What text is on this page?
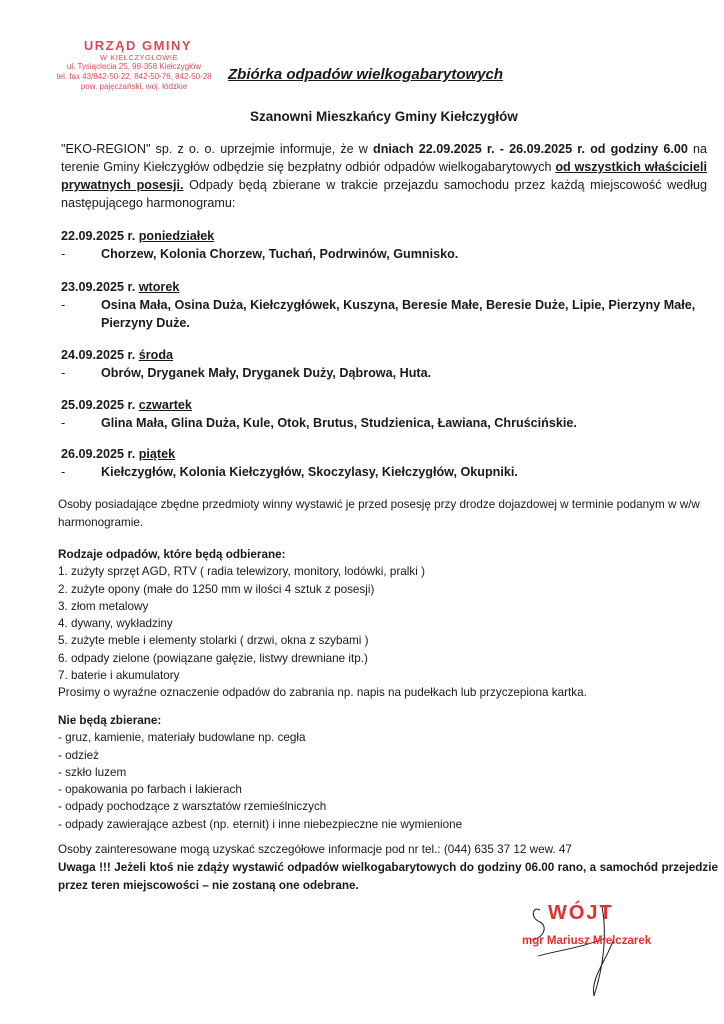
URZĄD GMINY
W KIEŁCZYGŁOWIE
ul. Tysiąclecia 25, 98-358 Kiełczygłów
tel. fax 43/842-50-22, 842-50-76, 842-50-28
pow. pajęczański, woj. łódzkie
Zbiórka odpadów wielkogabarytowych
Szanowni Mieszkańcy Gminy Kiełczygłów
"EKO-REGION" sp. z o. o. uprzejmie informuje, że w dniach 22.09.2025 r. - 26.09.2025 r. od godziny 6.00 na terenie Gminy Kiełczygłów odbędzie się bezpłatny odbiór odpadów wielkogabarytowych od wszystkich właścicieli prywatnych posesji. Odpady będą zbierane w trakcie przejazdu samochodu przez każdą miejscowość według następującego harmonogramu:
22.09.2025 r. poniedziałek
-	Chorzew, Kolonia Chorzew, Tuchań, Podrwinów, Gumnisko.
23.09.2025 r. wtorek
-	Osina Mała, Osina Duża, Kiełczygłówek, Kuszyna, Beresie Małe, Beresie Duże, Lipie, Pierzyny Małe, Pierzyny Duże.
24.09.2025 r. środa
-	Obrów, Dryganek Mały, Dryganek Duży, Dąbrowa, Huta.
25.09.2025 r. czwartek
-	Glina Mała, Glina Duża, Kule, Otok, Brutus, Studzienica, Ławiana, Chruścińskie.
26.09.2025 r. piątek
-	Kiełczygłów, Kolonia Kiełczygłów, Skoczylasy, Kiełczygłów, Okupniki.
Osoby posiadające zbędne przedmioty winny wystawić je przed posesję przy drodze dojazdowej w terminie podanym w w/w harmonogramie.
Rodzaje odpadów, które będą odbierane:
1. zużyty sprzęt AGD, RTV ( radia telewizory, monitory, lodówki, pralki )
2. zużyte opony (małe do 1250 mm w ilości 4 sztuk z posesji)
3. złom metalowy
4. dywany, wykładziny
5. zużyte meble i elementy stolarki ( drzwi, okna z szybami )
6. odpady zielone (powiązane gałęzie, listwy drewniane itp.)
7. baterie i akumulatory
Prosimy o wyraźne oznaczenie odpadów do zabrania np. napis na pudełkach lub przyczepiona kartka.
Nie będą zbierane:
- gruz, kamienie, materiały budowlane np. cegła
- odzież
- szkło luzem
- opakowania po farbach i lakierach
- odpady pochodzące z warsztatów rzemieślniczych
- odpady zawierające azbest (np. eternit) i inne niebezpieczne nie wymienione
Osoby zainteresowane mogą uzyskać szczegółowe informacje pod nr tel.: (044) 635 37 12 wew. 47
Uwaga !!! Jeżeli ktoś nie zdąży wystawić odpadów wielkogabarytowych do godziny 06.00 rano, a samochód przejedzie przez teren miejscowości – nie zostaną one odebrane.
WÓJT
mgr Mariusz Mielczarek
